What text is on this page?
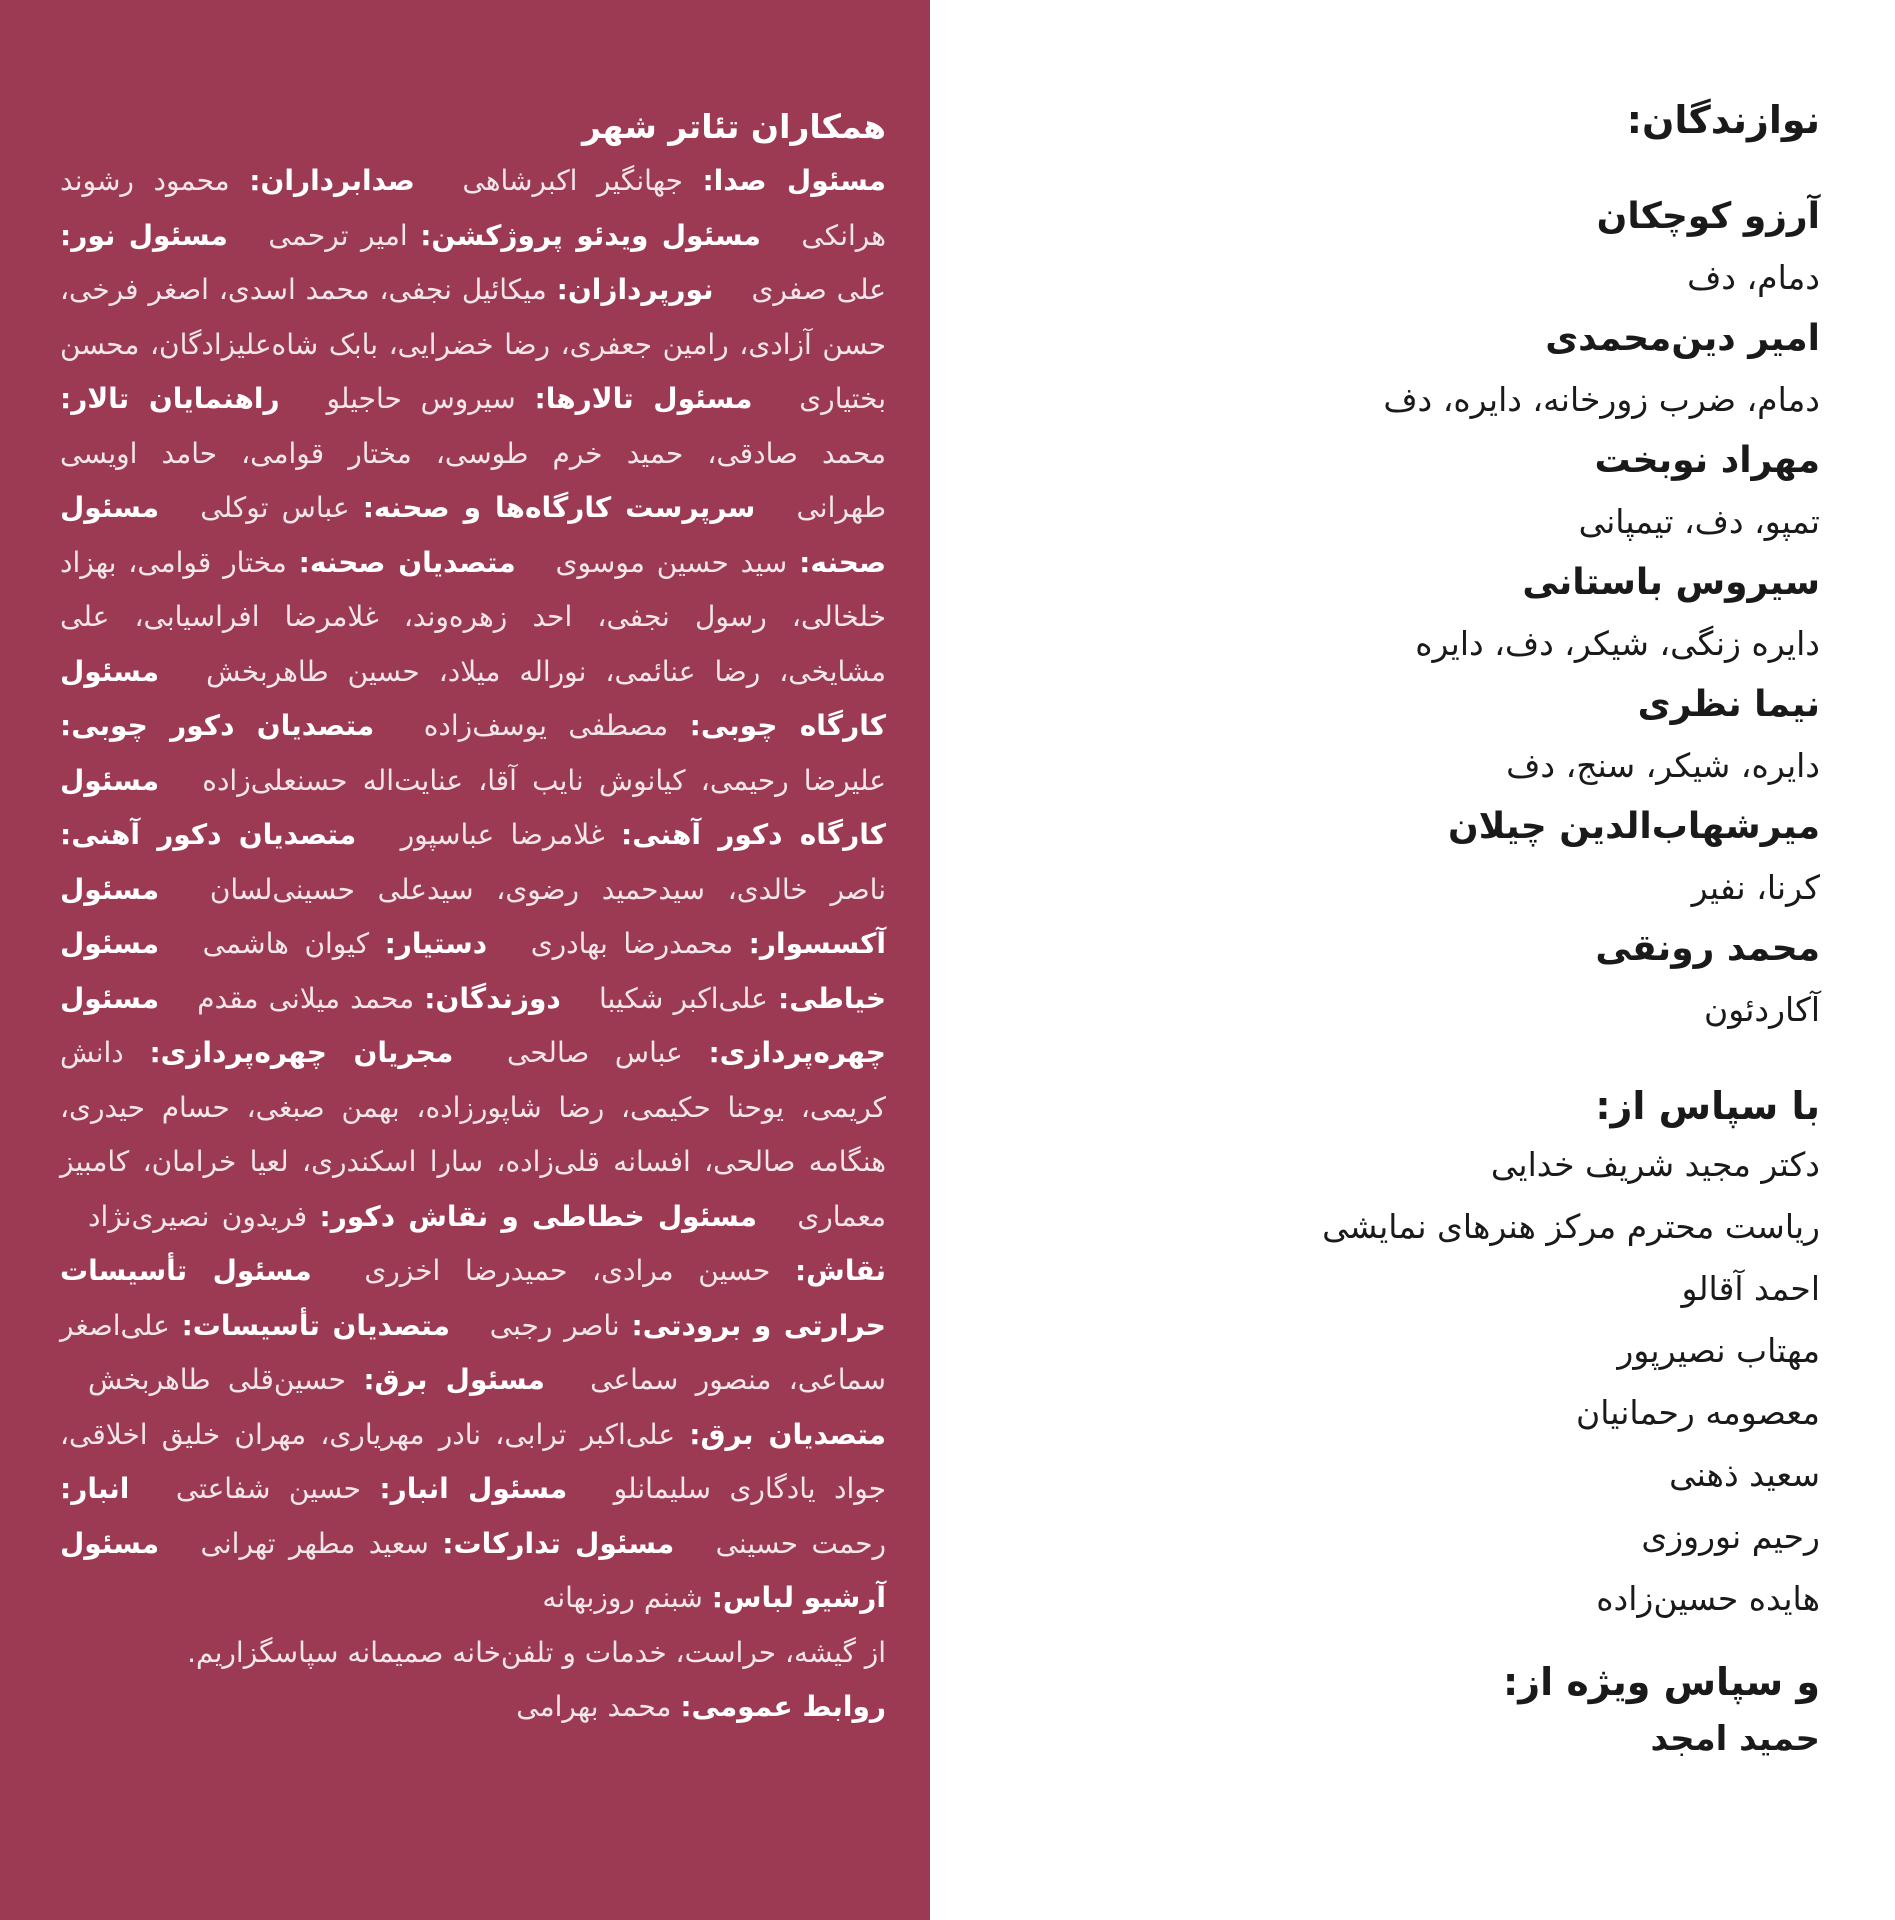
همکاران تئاتر شهر
مسئول صدا: جهانگیر اکبرشاهی  صدابرداران: محمود رشوند هرانکی  مسئول ویدئو پروژکشن: امیر ترحمی  مسئول نور: علی صفری  نورپردازان: میکائیل نجفی، محمد اسدی، اصغر فرخی، حسن آزادی، رامین جعفری، رضا خضرایی، بابک شاه‌علیزادگان، محسن بختیاری  مسئول تالارها: سیروس حاجیلو  راهنمایان تالار: محمد صادقی، حمید خرم طوسی، مختار قوامی، حامد اویسی طهرانی  سرپرست کارگاه‌ها و صحنه: عباس توکلی  مسئول صحنه: سید حسین موسوی  متصدیان صحنه: مختار قوامی، بهزاد خلخالی، رسول نجفی، احد زهره‌وند، غلامرضا افراسیابی، علی مشایخی، رضا عنائمی، نوراله میلاد، حسین طاهربخش  مسئول کارگاه چوبی: مصطفی یوسف‌زاده  متصدیان دکور چوبی: علیرضا رحیمی، کیانوش نایب آقا، عنایت‌اله حسنعلی‌زاده  مسئول کارگاه دکور آهنی: غلامرضا عباسپور  متصدیان دکور آهنی: ناصر خالدی، سیدحمید رضوی، سیدعلی حسینی‌لسان  مسئول آکسسوار: محمدرضا بهادری  دستیار: کیوان هاشمی  مسئول خیاطی: علی‌اکبر شکیبا  دوزندگان: محمد میلانی مقدم  مسئول چهره‌پردازی: عباس صالحی  مجریان چهره‌پردازی: دانش کریمی، یوحنا حکیمی، رضا شاپورزاده، بهمن صبغی، حسام حیدری، هنگامه صالحی، افسانه قلی‌زاده، سارا اسکندری، لعیا خرامان، کامبیز معماری  مسئول خطاطی و نقاش دکور: فریدون نصیری‌نژاد  نقاش: حسین مرادی، حمیدرضا اخزری  مسئول تأسیسات حرارتی و برودتی: ناصر رجبی  متصدیان تأسیسات: علی‌اصغر سماعی، منصور سماعی  مسئول برق: حسین‌قلی طاهربخش  متصدیان برق: علی‌اکبر ترابی، نادر مهریاری، مهران خلیق اخلاقی، جواد یادگاری سلیمانلو  مسئول انبار: حسین شفاعتی  انبار: رحمت حسینی  مسئول تدارکات: سعید مطهر تهرانی  مسئول آرشیو لباس: شبنم روزبهانه 
از گیشه، حراست، خدمات و تلفن‌خانه صمیمانه سپاسگزاریم.
روابط عمومی: محمد بهرامی
نوازندگان:
آرزو کوچکان
دمام، دف
امیر دین‌محمدی
دمام، ضرب زورخانه، دایره، دف
مهراد نوبخت
تمپو، دف، تیمپانی
سیروس باستانی
دایره زنگی، شیکر، دف، دایره
نیما نظری
دایره، شیکر، سنج، دف
میرشهاب‌الدین چیلان
کرنا، نفیر
محمد رونقی
آکاردئون
با سپاس از:
دکتر مجید شریف خدایی
ریاست محترم مرکز هنرهای نمایشی
احمد آقالو
مهتاب نصیرپور
معصومه رحمانیان
سعید ذهنی
رحیم نوروزی
هایده حسین‌زاده
و سپاس ویژه از:
حمید امجد
